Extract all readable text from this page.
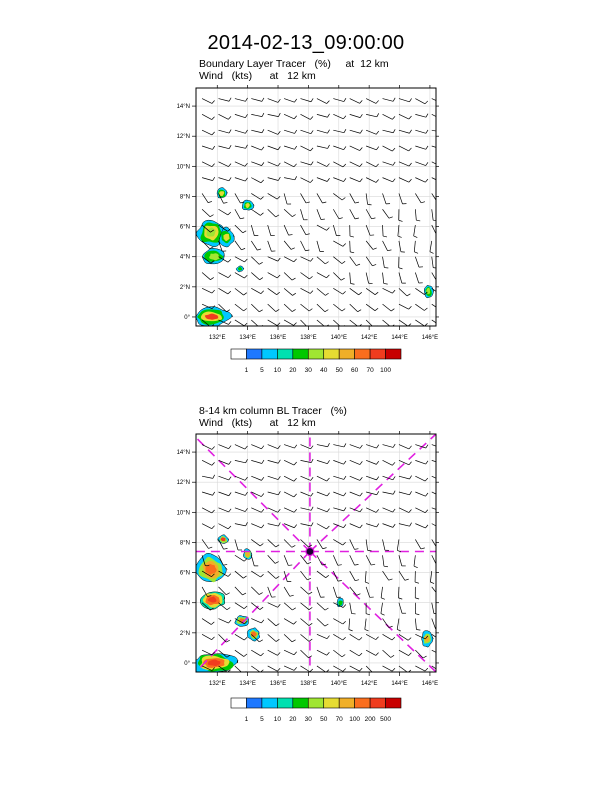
2014-02-13_09:00:00
Boundary Layer Tracer   (%)     at  12 km
Wind   (kts)      at   12 km
8-14 km column BL Tracer   (%)
Wind   (kts)      at   12 km
132°E 134°E 136°E 138°E 140°E 142°E 144°E 146°E
0°
2°N
4°N
6°N
8°N
10°N
12°N
14°N
1 5 10 20 30 40 50 60 70 100
132°E 134°E 136°E 138°E 140°E 142°E 144°E 146°E
0°
2°N
4°N
6°N
8°N
10°N
12°N
14°N
1 5 10 20 30 50 70 100 200 500
